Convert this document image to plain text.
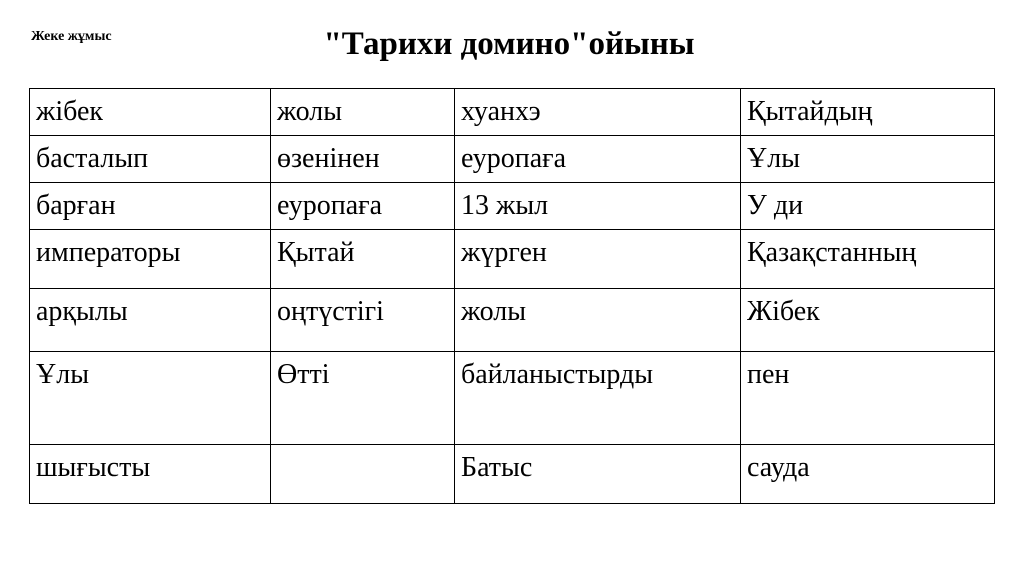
Жеке жұмыс	"Тарихи домино"ойыны
жібек	жолы	хуанхэ	Қытайдың
басталып	өзенінен	еуропаға	Ұлы
барған	еуропаға	13 жыл	У ди
императоры	Қытай	жүрген	Қазақстанның
арқылы	оңтүстігі	жолы	Жібек
Ұлы	Өтті	байланыстырды	пен
шығысты		Батыс	сауда
